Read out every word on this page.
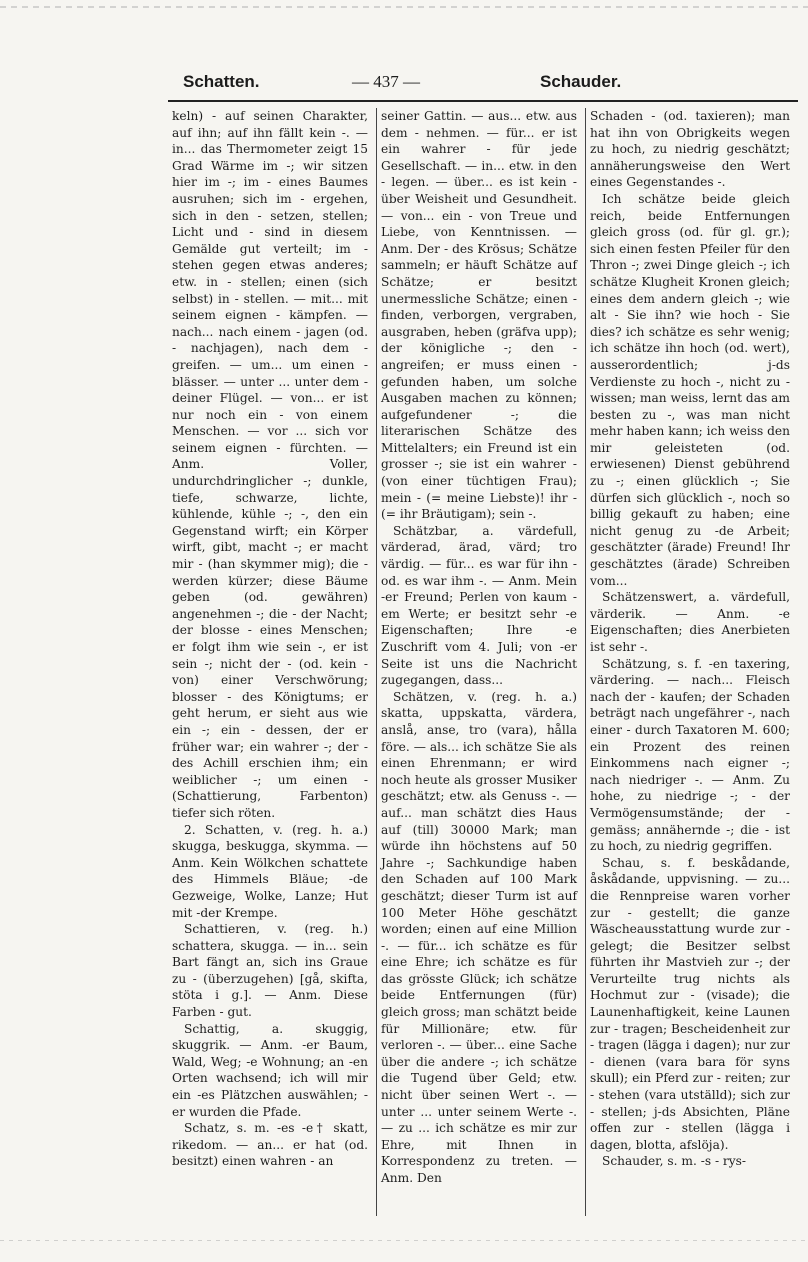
Schatten.	— 437 —	Schauder.

keln) - auf seinen Charakter, auf ihn; auf ihn fällt kein -. — in... das Thermometer zeigt 15 Grad Wärme im -; wir sitzen hier im -; im - eines Baumes ausruhen; sich im - ergehen, sich in den - setzen, stellen; Licht und - sind in diesem Gemälde gut verteilt; im - stehen gegen etwas anderes; etw. in - stellen; einen (sich selbst) in - stellen. — mit... mit seinem eignen - kämpfen. — nach... nach einem - jagen (od. - nachjagen), nach dem - greifen. — um... um einen - blässer. — unter ... unter dem - deiner Flügel. — von... er ist nur noch ein - von einem Menschen. — vor ... sich vor seinem eignen - fürchten. — Anm. Voller, undurchdringlicher -; dunkle, tiefe, schwarze, lichte, kühlende, kühle -; -, den ein Gegenstand wirft; ein Körper wirft, gibt, macht -; er macht mir - (han skymmer mig); die - werden kürzer; diese Bäume geben (od. gewähren) angenehmen -; die - der Nacht; der blosse - eines Menschen; er folgt ihm wie sein -, er ist sein -; nicht der - (od. kein - von) einer Verschwörung; blosser - des Königtums; er geht herum, er sieht aus wie ein -; ein - dessen, der er früher war; ein wahrer -; der - des Achill erschien ihm; ein weiblicher -; um einen - (Schattierung, Farbenton) tiefer sich röten.

2. Schatten, v. (reg. h. a.) skugga, beskugga, skymma. — Anm. Kein Wölkchen schattete des Himmels Bläue; -de Gezweige, Wolke, Lanze; Hut mit -der Krempe.

Schattieren, v. (reg. h.) schattera, skugga. — in... sein Bart fängt an, sich ins Graue zu - (überzugehen) [gå, skifta, stöta i g.]. — Anm. Diese Farben - gut.

Schattig, a. skuggig, skuggrik. — Anm. -er Baum, Wald, Weg; -e Wohnung; an -en Orten wachsend; ich will mir ein -es Plätzchen auswählen; -er wurden die Pfade.

Schatz, s. m. -es -e† skatt, rikedom. — an... er hat (od. besitzt) einen wahren - an

seiner Gattin. — aus... etw. aus dem - nehmen. — für... er ist ein wahrer - für jede Gesellschaft. — in... etw. in den - legen. — über... es ist kein - über Weisheit und Gesundheit. — von... ein - von Treue und Liebe, von Kenntnissen. — Anm. Der - des Krösus; Schätze sammeln; er häuft Schätze auf Schätze; er besitzt unermessliche Schätze; einen - finden, verborgen, vergraben, ausgraben, heben (gräfva upp); der königliche -; den - angreifen; er muss einen - gefunden haben, um solche Ausgaben machen zu können; aufgefundener -; die literarischen Schätze des Mittelalters; ein Freund ist ein grosser -; sie ist ein wahrer - (von einer tüchtigen Frau); mein - (= meine Liebste)! ihr - (= ihr Bräutigam); sein -.

Schätzbar, a. värdefull, värderad, ärad, värd; tro värdig. — für... es war für ihn - od. es war ihm -. — Anm. Mein -er Freund; Perlen von kaum -em Werte; er besitzt sehr -e Eigenschaften; Ihre -e Zuschrift vom 4. Juli; von -er Seite ist uns die Nachricht zugegangen, dass...

Schätzen, v. (reg. h. a.) skatta, uppskatta, värdera, anslå, anse, tro (vara), hålla före. — als... ich schätze Sie als einen Ehrenmann; er wird noch heute als grosser Musiker geschätzt; etw. als Genuss -. — auf... man schätzt dies Haus auf (till) 30000 Mark; man würde ihn höchstens auf 50 Jahre -; Sachkundige haben den Schaden auf 100 Mark geschätzt; dieser Turm ist auf 100 Meter Höhe geschätzt worden; einen auf eine Million -. — für... ich schätze es für eine Ehre; ich schätze es für das grösste Glück; ich schätze beide Entfernungen (für) gleich gross; man schätzt beide für Millionäre; etw. für verloren -. — über... eine Sache über die andere -; ich schätze die Tugend über Geld; etw. nicht über seinen Wert -. — unter ... unter seinem Werte -. — zu ... ich schätze es mir zur Ehre, mit Ihnen in Korrespondenz zu treten. — Anm. Den

Schaden - (od. taxieren); man hat ihn von Obrigkeits wegen zu hoch, zu niedrig geschätzt; annäherungsweise den Wert eines Gegenstandes -.

Ich schätze beide gleich reich, beide Entfernungen gleich gross (od. für gl. gr.); sich einen festen Pfeiler für den Thron -; zwei Dinge gleich -; ich schätze Klugheit Kronen gleich; eines dem andern gleich -; wie alt - Sie ihn? wie hoch - Sie dies? ich schätze es sehr wenig; ich schätze ihn hoch (od. wert), ausserordentlich; j-ds Verdienste zu hoch -, nicht zu - wissen; man weiss, lernt das am besten zu -, was man nicht mehr haben kann; ich weiss den mir geleisteten (od. erwiesenen) Dienst gebührend zu -; einen glücklich -; Sie dürfen sich glücklich -, noch so billig gekauft zu haben; eine nicht genug zu -de Arbeit; geschätzter (ärade) Freund! Ihr geschätztes (ärade) Schreiben vom...

Schätzenswert, a. värdefull, värderik. — Anm. -e Eigenschaften; dies Anerbieten ist sehr -.

Schätzung, s. f. -en taxering, värdering. — nach... Fleisch nach der - kaufen; der Schaden beträgt nach ungefährer -, nach einer - durch Taxatoren M. 600; ein Prozent des reinen Einkommens nach eigner -; nach niedriger -. — Anm. Zu hohe, zu niedrige -; - der Vermögensumstände; der - gemäss; annähernde -; die - ist zu hoch, zu niedrig gegriffen.

Schau, s. f. beskådande, åskådande, uppvisning. — zu... die Rennpreise waren vorher zur - gestellt; die ganze Wäscheausstattung wurde zur - gelegt; die Besitzer selbst führten ihr Mastvieh zur -; der Verurteilte trug nichts als Hochmut zur - (visade); die Launenhaftigkeit, keine Launen zur - tragen; Bescheidenheit zur - tragen (lägga i dagen); nur zur - dienen (vara bara för syns skull); ein Pferd zur - reiten; zur - stehen (vara utställd); sich zur - stellen; j-ds Absichten, Pläne offen zur - stellen (lägga i dagen, blotta, afslöja).

Schauder, s. m. -s - rys-
